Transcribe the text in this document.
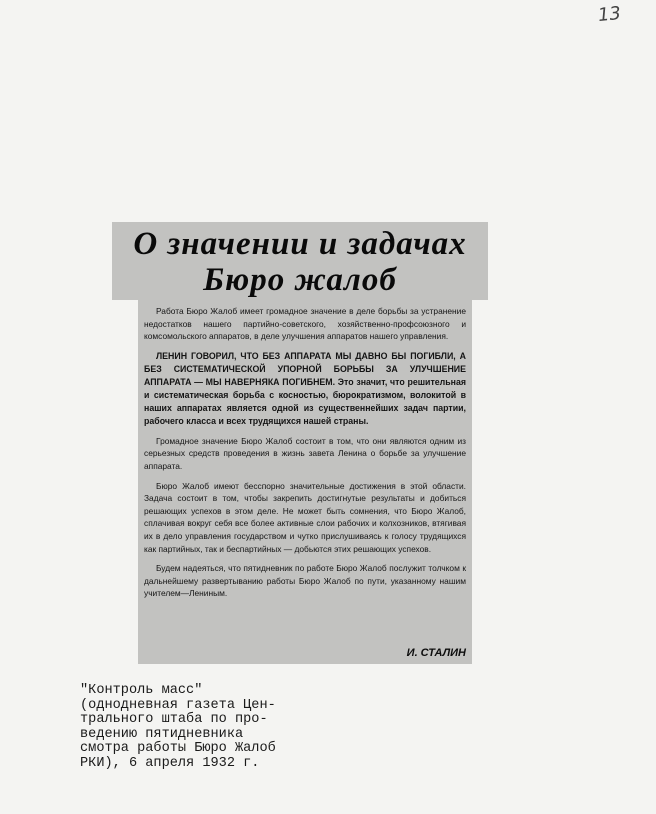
13
О значении и задачах
Бюро жалоб

Работа Бюро Жалоб имеет громадное значение в деле борьбы за устранение недостатков нашего партийно-советского, хозяйственно-профсоюзного и комсомольского аппаратов, в деле улучшения аппаратов нашего управления.

ЛЕНИН ГОВОРИЛ, ЧТО БЕЗ АППАРАТА МЫ ДАВНО БЫ ПОГИБЛИ, А БЕЗ СИСТЕМАТИЧЕСКОЙ УПОРНОЙ БОРЬБЫ ЗА УЛУЧШЕНИЕ АППАРАТА — МЫ НАВЕРНЯКА ПОГИБНЕМ. Это значит, что решительная и систематическая борьба с косностью, бюрократизмом, волокитой в наших аппаратах является одной из существеннейших задач партии, рабочего класса и всех трудящихся нашей страны.

Громадное значение Бюро Жалоб состоит в том, что они являются одним из серьезных средств проведения в жизнь завета Ленина о борьбе за улучшение аппарата.

Бюро Жалоб имеют бесспорно значительные достижения в этой области. Задача состоит в том, чтобы закрепить достигнутые результаты и добиться решающих успехов в этом деле. Не может быть сомнения, что Бюро Жалоб, сплачивая вокруг себя все более активные слои рабочих и колхозников, втягивая их в дело управления государством и чутко прислушиваясь к голосу трудящихся как партийных, так и беспартийных — добьются этих решающих успехов.

Будем надеяться, что пятидневник по работе Бюро Жалоб послужит толчком к дальнейшему развертыванию работы Бюро Жалоб по пути, указанному нашим учителем—Лениным.

И. СТАЛИН
"Контроль масс"
(однодневная газета Цен-
трального штаба по про-
ведению пятидневника
смотра работы Бюро Жалоб
РКИ), 6 апреля 1932 г.
